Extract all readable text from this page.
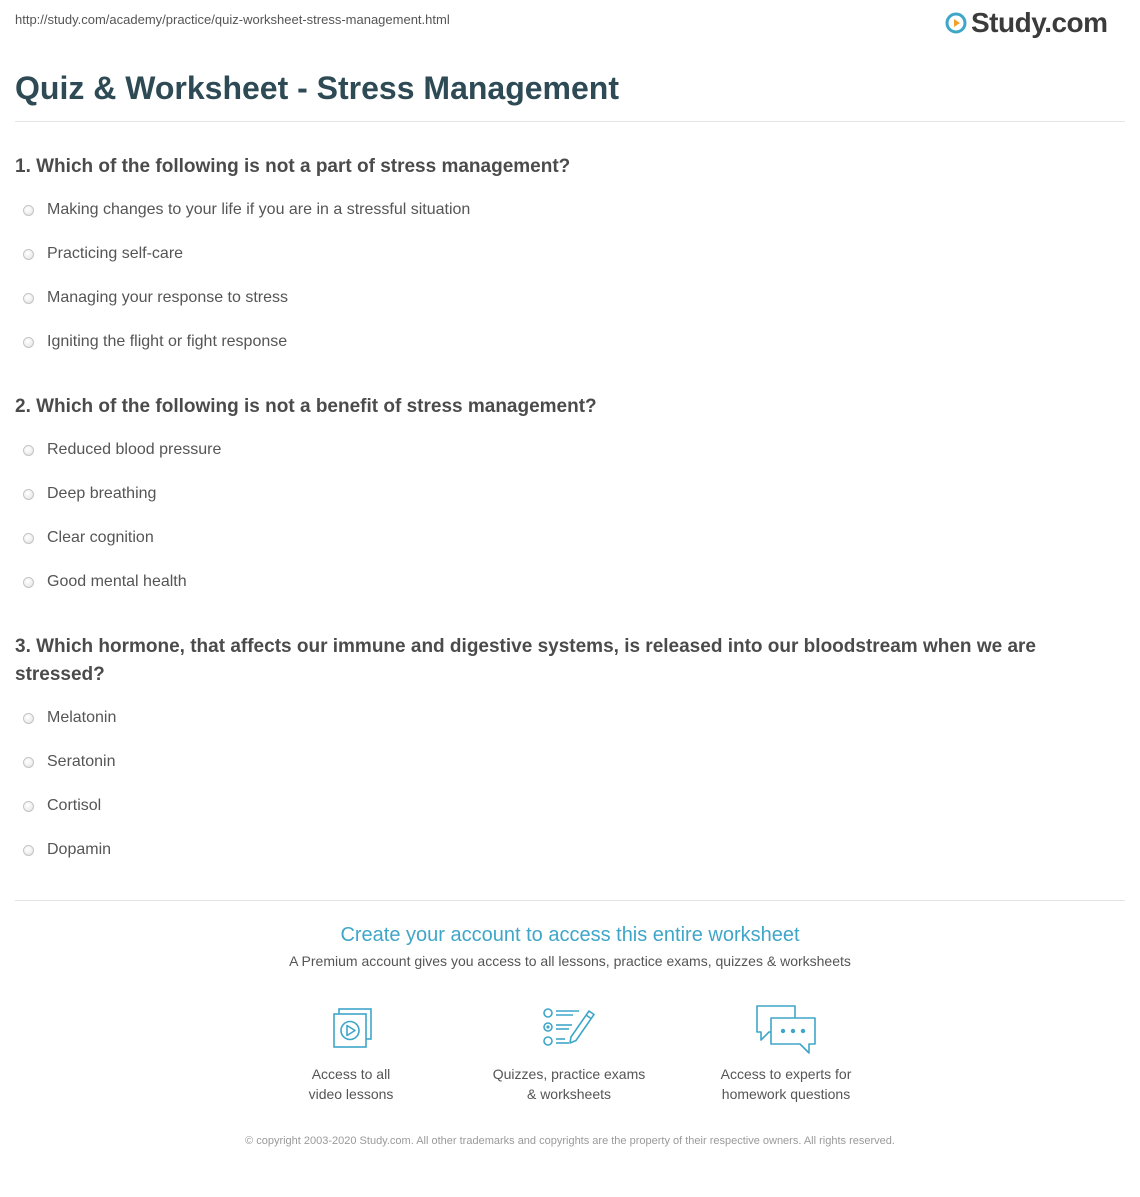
http://study.com/academy/practice/quiz-worksheet-stress-management.html	Study.com
Quiz & Worksheet - Stress Management

1. Which of the following is not a part of stress management?

Making changes to your life if you are in a stressful situation
Practicing self-care
Managing your response to stress
Igniting the flight or fight response

2. Which of the following is not a benefit of stress management?

Reduced blood pressure
Deep breathing
Clear cognition
Good mental health

3. Which hormone, that affects our immune and digestive systems, is released into our bloodstream when we are stressed?

Melatonin
Seratonin
Cortisol
Dopamin
Create your account to access this entire worksheet
A Premium account gives you access to all lessons, practice exams, quizzes & worksheets
Access to all
video lessons
Quizzes, practice exams
& worksheets
Access to experts for
homework questions
© copyright 2003-2020 Study.com. All other trademarks and copyrights are the property of their respective owners. All rights reserved.
